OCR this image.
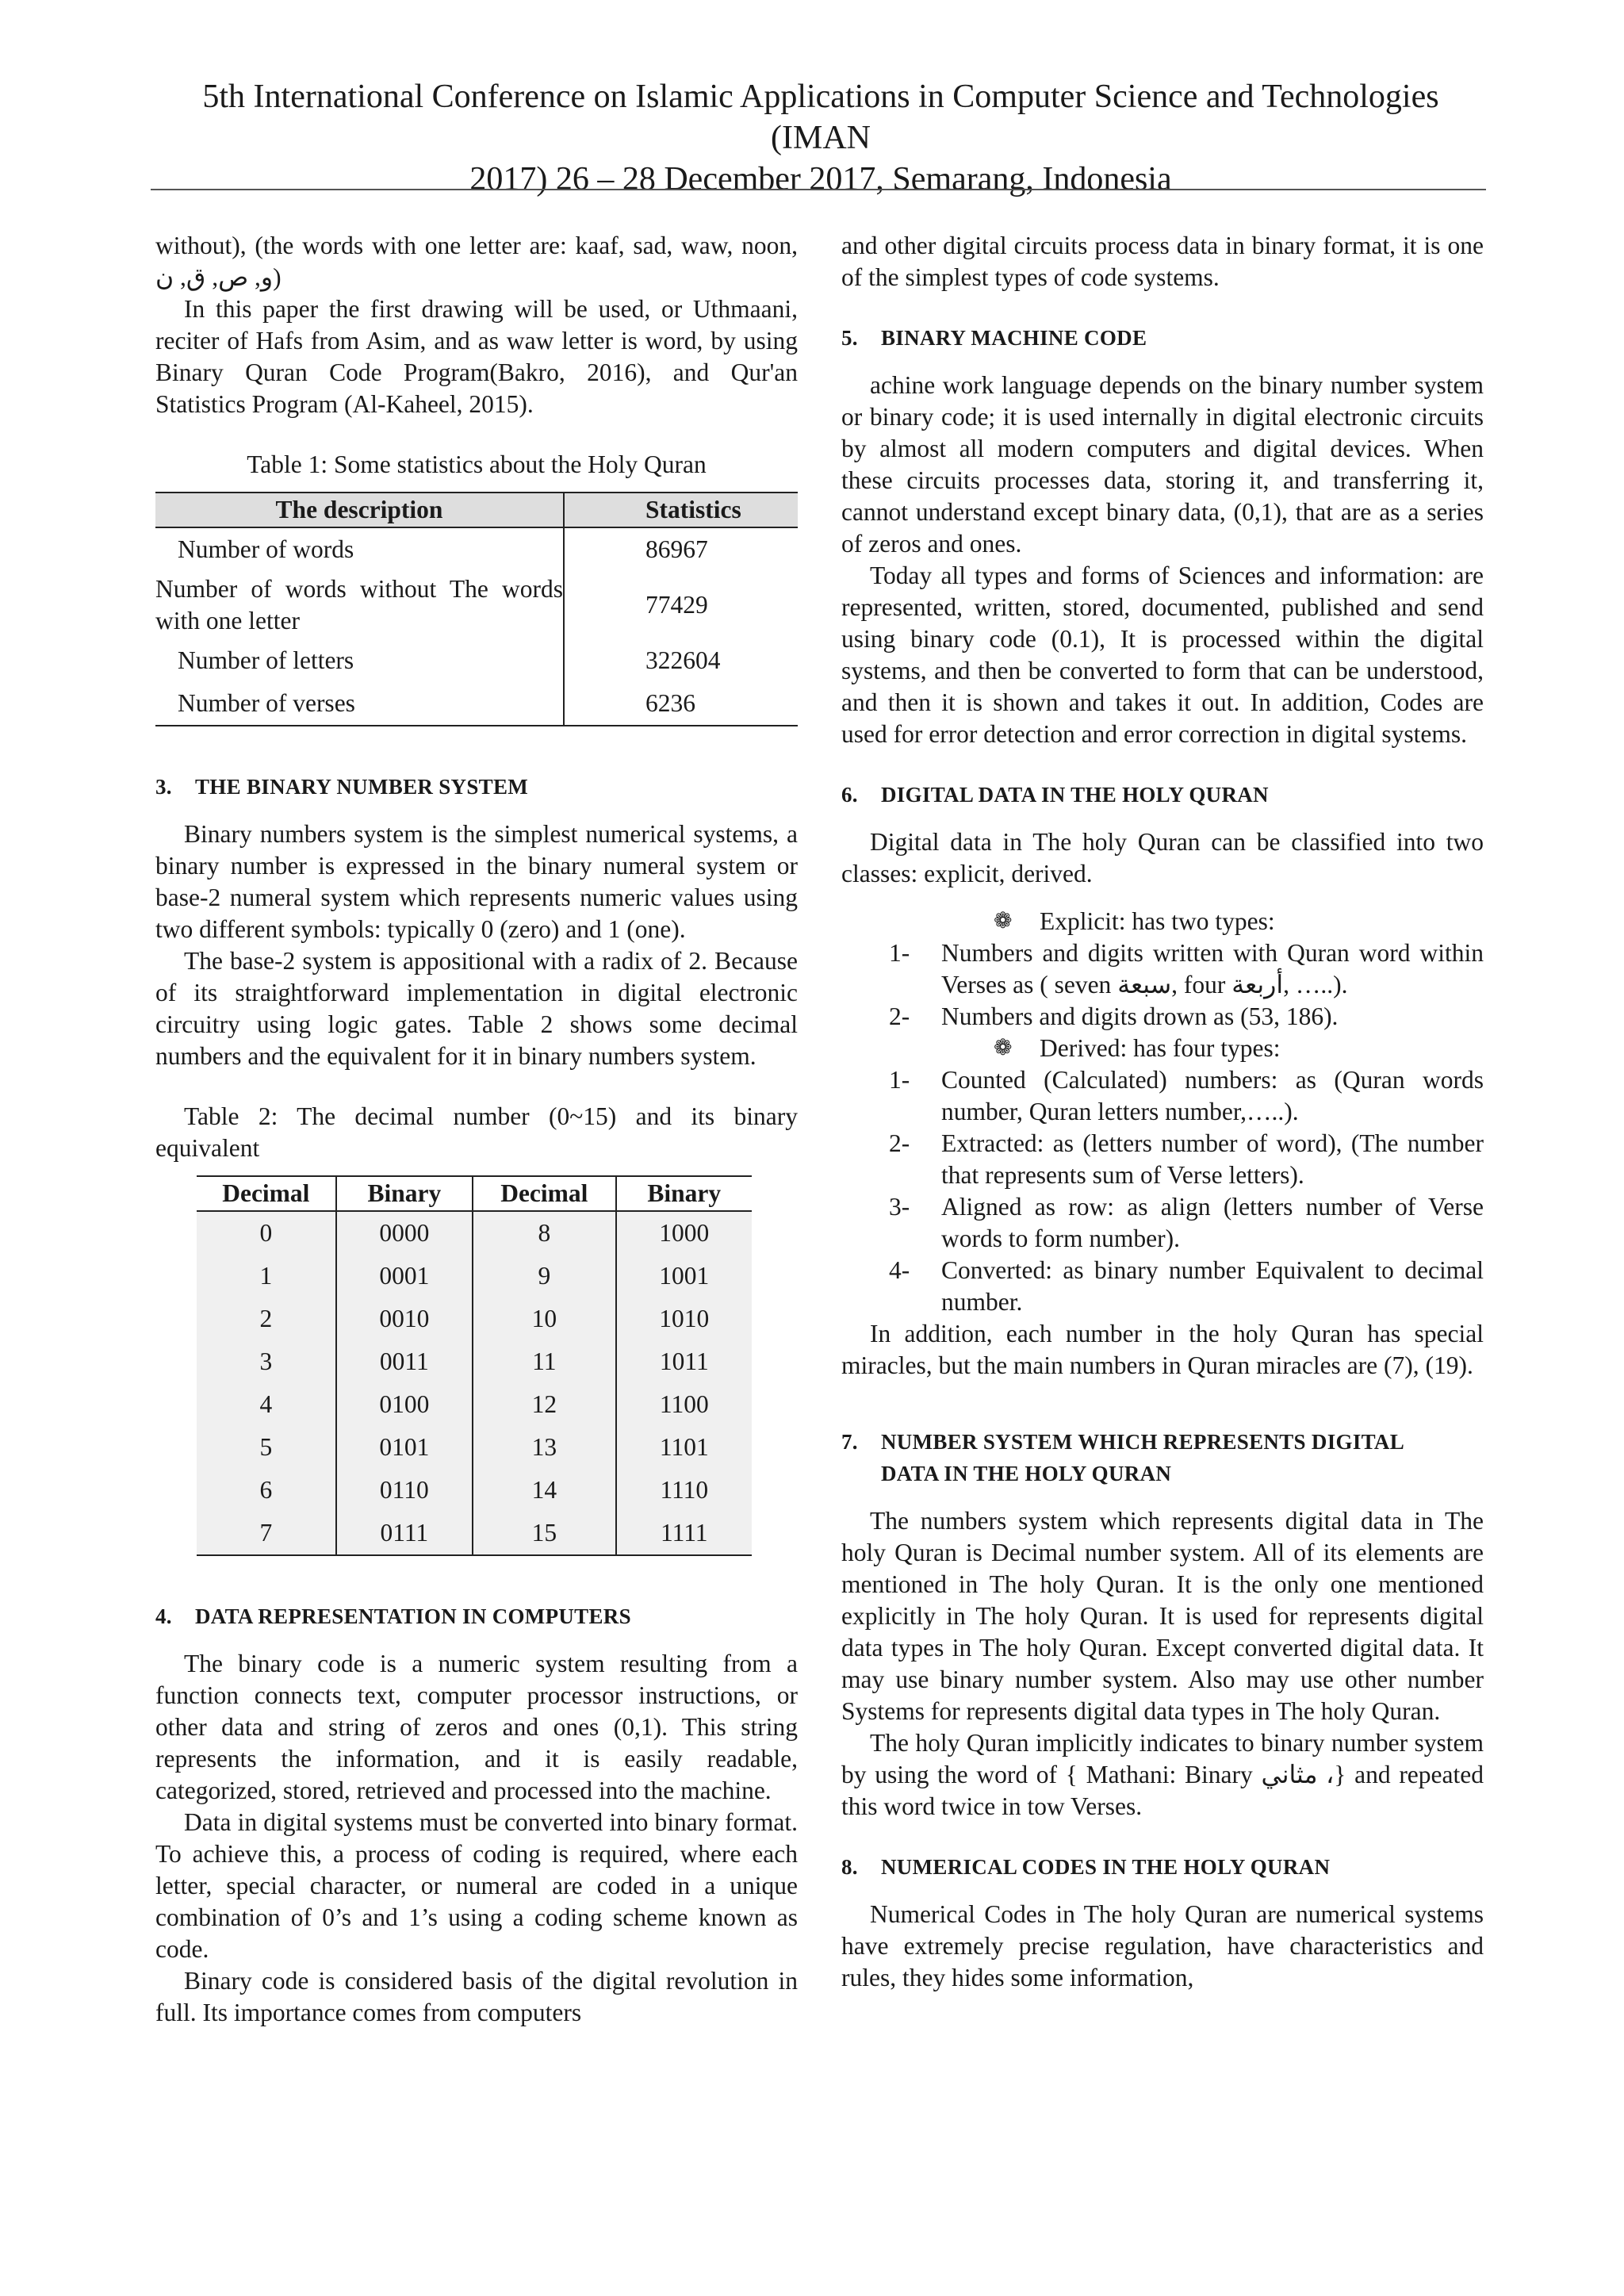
5th International Conference on Islamic Applications in Computer Science and Technologies (IMAN
2017) 26 – 28 December 2017, Semarang, Indonesia

without), (the words with one letter are: kaaf, sad, waw, noon, و, ص, ق, ن)

In this paper the first drawing will be used, or Uthmaani, reciter of Hafs from Asim, and as waw letter is word, by using Binary Quran Code Program(Bakro, 2016), and Qur'an Statistics Program (Al-Kaheel, 2015).

Table 1: Some statistics about the Holy Quran

The description	Statistics
Number of words	86967
Number of words without The words with one letter	77429
Number of letters	322604
Number of verses	6236

3. THE BINARY NUMBER SYSTEM

Binary numbers system is the simplest numerical systems, a binary number is expressed in the binary numeral system or base-2 numeral system which represents numeric values using two different symbols: typically 0 (zero) and 1 (one).

The base-2 system is appositional with a radix of 2. Because of its straightforward implementation in digital electronic circuitry using logic gates. Table 2 shows some decimal numbers and the equivalent for it in binary numbers system.

Table 2: The decimal number (0~15) and its binary equivalent

Decimal	Binary	Decimal	Binary
0	0000	8	1000
1	0001	9	1001
2	0010	10	1010
3	0011	11	1011
4	0100	12	1100
5	0101	13	1101
6	0110	14	1110
7	0111	15	1111

4. DATA REPRESENTATION IN COMPUTERS

The binary code is a numeric system resulting from a function connects text, computer processor instructions, or other data and string of zeros and ones (0,1). This string represents the information, and it is easily readable, categorized, stored, retrieved and processed into the machine.

Data in digital systems must be converted into binary format. To achieve this, a process of coding is required, where each letter, special character, or numeral are coded in a unique combination of 0’s and 1’s using a coding scheme known as code.

Binary code is considered basis of the digital revolution in full. Its importance comes from computers

and other digital circuits process data in binary format, it is one of the simplest types of code systems.

5. BINARY MACHINE CODE

achine work language depends on the binary number system or binary code; it is used internally in digital electronic circuits by almost all modern computers and digital devices. When these circuits processes data, storing it, and transferring it, cannot understand except binary data, (0,1), that are as a series of zeros and ones.

Today all types and forms of Sciences and information: are represented, written, stored, documented, published and send using binary code (0.1), It is processed within the digital systems, and then be converted to form that can be understood, and then it is shown and takes it out. In addition, Codes are used for error detection and error correction in digital systems.

6. DIGITAL DATA IN THE HOLY QURAN

Digital data in The holy Quran can be classified into two classes: explicit, derived.

❁ Explicit: has two types:
1- Numbers and digits written with Quran word within Verses as ( seven سبعة, four أربعة, …..).
2- Numbers and digits drown as (53, 186).
❁ Derived: has four types:
1- Counted (Calculated) numbers: as (Quran words number, Quran letters number,…..).
2- Extracted: as (letters number of word), (The number that represents sum of Verse letters).
3- Aligned as row: as align (letters number of Verse words to form number).
4- Converted: as binary number Equivalent to decimal number.

In addition, each number in the holy Quran has special miracles, but the main numbers in Quran miracles are (7), (19).

7. NUMBER SYSTEM WHICH REPRESENTS DIGITAL
DATA IN THE HOLY QURAN

The numbers system which represents digital data in The holy Quran is Decimal number system. All of its elements are mentioned in The holy Quran. It is the only one mentioned explicitly in The holy Quran. It is used for represents digital data types in The holy Quran. Except converted digital data. It may use binary number system. Also may use other number Systems for represents digital data types in The holy Quran.

The holy Quran implicitly indicates to binary number system by using the word of { Mathani: Binary مثاني ،} and repeated this word twice in tow Verses.

8. NUMERICAL CODES IN THE HOLY QURAN

Numerical Codes in The holy Quran are numerical systems have extremely precise regulation, have characteristics and rules, they hides some information,
